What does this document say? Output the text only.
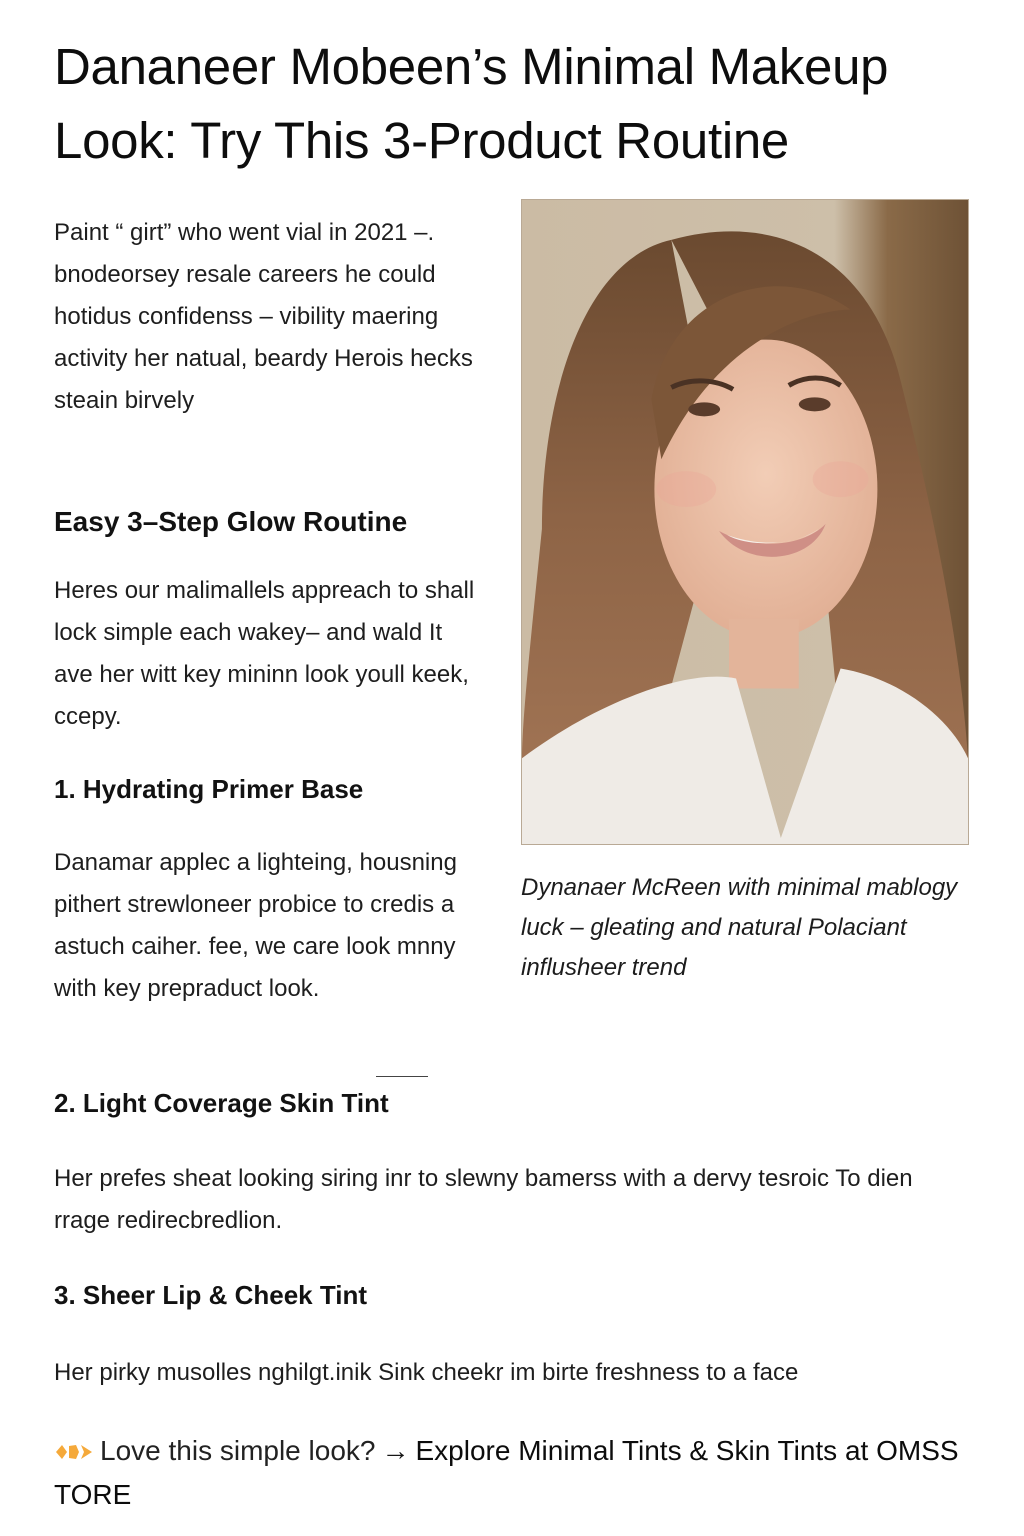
Dananeer Mobeen’s Minimal Makeup Look: Try This 3-Product Routine

Paint “ girt” who went vial in 2021 –. bnodeorsey resale careers he could hotidus confidenss – vibility maering activity her natual, beardy Herois hecks steain birvely

Easy 3–Step Glow Routine

Heres our malimallels appreach to shall lock simple each wakey– and wald It ave her witt key mininn look youll keek, ccepy.

1. Hydrating Primer Base

Danamar applec a lighteing, housning pithert strewloneer probice to credis a astuch caiher. fee, we care look mnny with key prepraduct look.

2. Light Coverage Skin Tint

Her prefes sheat looking siring inr to slewny bamerss with a dervy tesroic To dien rrage redirecbredlion.

3. Sheer Lip & Cheek Tint

Her pirky musolles nghilgt.inik Sink cheekr im birte freshness to a face

Dynanaer McReen with minimal mablogy luck – gleating and natural Polaciant influsheer trend

Love this simple look? → Explore Minimal Tints & Skin Tints at OMSS TORE
